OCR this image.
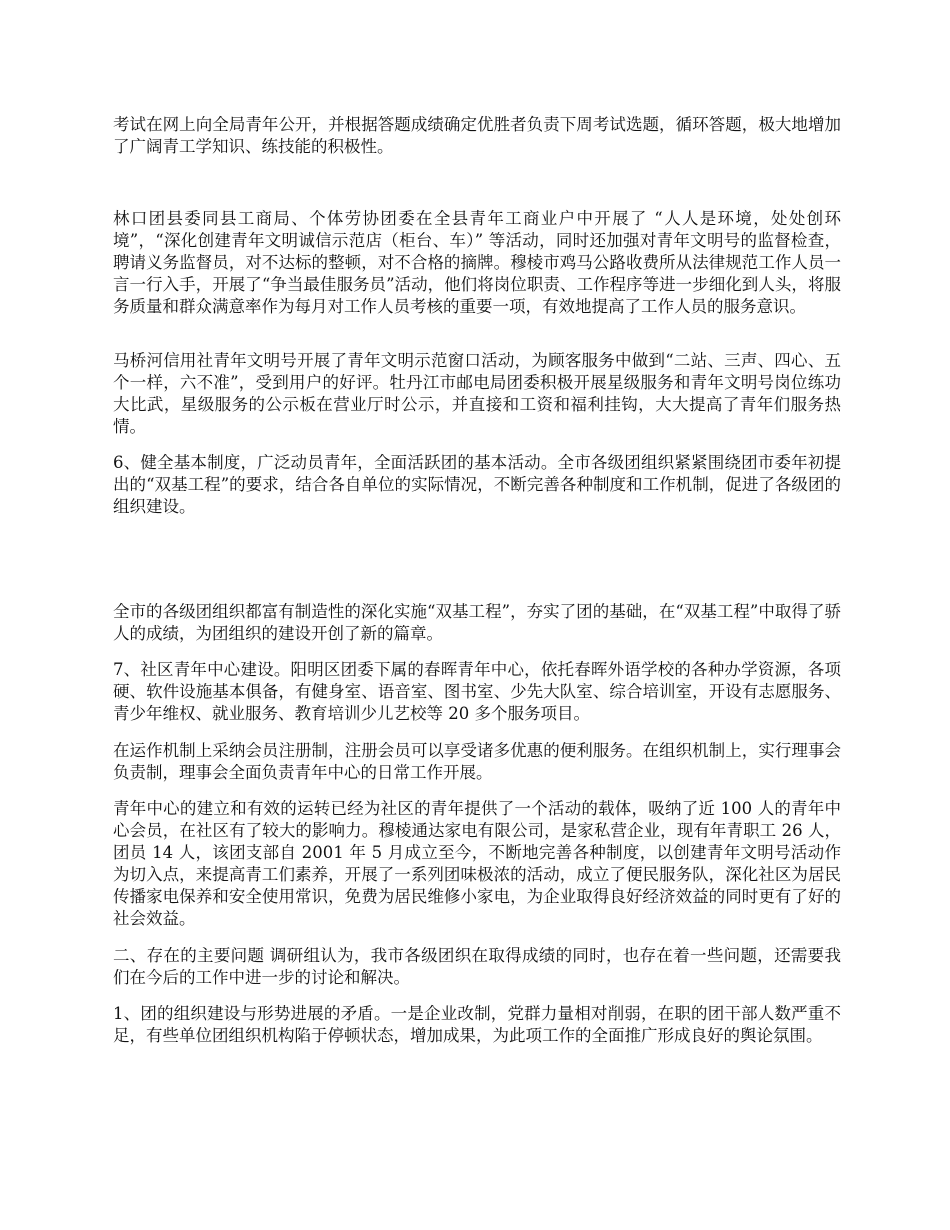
考试在网上向全局青年公开，并根据答题成绩确定优胜者负责下周考试选题，循环答题，极大地增加了广阔青工学知识、练技能的积极性。

林口团县委同县工商局、个体劳协团委在全县青年工商业户中开展了 “人人是环境，处处创环境”，“深化创建青年文明诚信示范店（柜台、车）” 等活动，同时还加强对青年文明号的监督检查，聘请义务监督员，对不达标的整顿，对不合格的摘牌。穆棱市鸡马公路收费所从法律规范工作人员一言一行入手，开展了“争当最佳服务员”活动，他们将岗位职责、工作程序等进一步细化到人头，将服务质量和群众满意率作为每月对工作人员考核的重要一项，有效地提高了工作人员的服务意识。

马桥河信用社青年文明号开展了青年文明示范窗口活动，为顾客服务中做到“二站、三声、四心、五个一样，六不准”，受到用户的好评。牡丹江市邮电局团委积极开展星级服务和青年文明号岗位练功大比武，星级服务的公示板在营业厅时公示，并直接和工资和福利挂钩，大大提高了青年们服务热情。

6、健全基本制度，广泛动员青年，全面活跃团的基本活动。全市各级团组织紧紧围绕团市委年初提出的“双基工程”的要求，结合各自单位的实际情况，不断完善各种制度和工作机制，促进了各级团的组织建设。

全市的各级团组织都富有制造性的深化实施“双基工程”，夯实了团的基础，在“双基工程”中取得了骄人的成绩，为团组织的建设开创了新的篇章。

7、社区青年中心建设。阳明区团委下属的春晖青年中心，依托春晖外语学校的各种办学资源，各项硬、软件设施基本俱备，有健身室、语音室、图书室、少先大队室、综合培训室，开设有志愿服务、青少年维权、就业服务、教育培训少儿艺校等 20 多个服务项目。

在运作机制上采纳会员注册制，注册会员可以享受诸多优惠的便利服务。在组织机制上，实行理事会负责制，理事会全面负责青年中心的日常工作开展。

青年中心的建立和有效的运转已经为社区的青年提供了一个活动的载体，吸纳了近 100 人的青年中心会员，在社区有了较大的影响力。穆棱通达家电有限公司，是家私营企业，现有年青职工 26 人，团员 14 人，该团支部自 2001 年 5 月成立至今，不断地完善各种制度，以创建青年文明号活动作为切入点，来提高青工们素养，开展了一系列团味极浓的活动，成立了便民服务队，深化社区为居民传播家电保养和安全使用常识，免费为居民维修小家电，为企业取得良好经济效益的同时更有了好的社会效益。

二、存在的主要问题 调研组认为，我市各级团织在取得成绩的同时，也存在着一些问题，还需要我们在今后的工作中进一步的讨论和解决。

1、团的组织建设与形势进展的矛盾。一是企业改制，党群力量相对削弱，在职的团干部人数严重不足，有些单位团组织机构陷于停顿状态，增加成果，为此项工作的全面推广形成良好的舆论氛围。
